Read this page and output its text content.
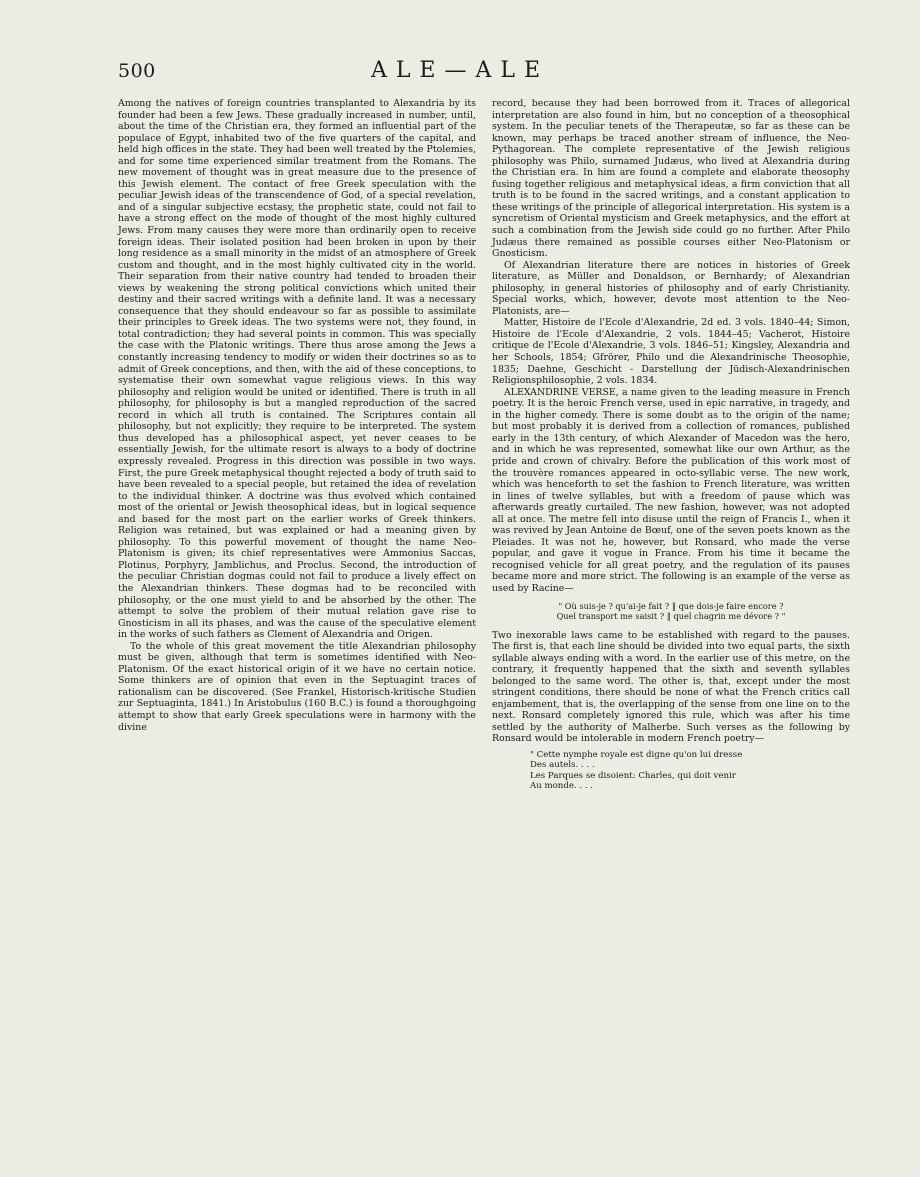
500	ALE—ALE

Among the natives of foreign countries transplanted to Alexandria by its founder had been a few Jews. These gradually increased in number, until, about the time of the Christian era, they formed an influential part of the populace of Egypt, inhabited two of the five quarters of the capital, and held high offices in the state. They had been well treated by the Ptolemies, and for some time experienced similar treatment from the Romans. The new movement of thought was in great measure due to the presence of this Jewish element. The contact of free Greek speculation with the peculiar Jewish ideas of the transcendence of God, of a special revelation, and of a singular subjective ecstasy, the prophetic state, could not fail to have a strong effect on the mode of thought of the most highly cultured Jews. From many causes they were more than ordinarily open to receive foreign ideas. Their isolated position had been broken in upon by their long residence as a small minority in the midst of an atmosphere of Greek custom and thought, and in the most highly cultivated city in the world. Their separation from their native country had tended to broaden their views by weakening the strong political convictions which united their destiny and their sacred writings with a definite land. It was a necessary consequence that they should endeavour so far as possible to assimilate their principles to Greek ideas. The two systems were not, they found, in total contradiction; they had several points in common. This was specially the case with the Platonic writings. There thus arose among the Jews a constantly increasing tendency to modify or widen their doctrines so as to admit of Greek conceptions, and then, with the aid of these conceptions, to systematise their own somewhat vague religious views. In this way philosophy and religion would be united or identified. There is truth in all philosophy, for philosophy is but a mangled reproduction of the sacred record in which all truth is contained. The Scriptures contain all philosophy, but not explicitly; they require to be interpreted. The system thus developed has a philosophical aspect, yet never ceases to be essentially Jewish, for the ultimate resort is always to a body of doctrine expressly revealed. Progress in this direction was possible in two ways. First, the pure Greek metaphysical thought rejected a body of truth said to have been revealed to a special people, but retained the idea of revelation to the individual thinker. A doctrine was thus evolved which contained most of the oriental or Jewish theosophical ideas, but in logical sequence and based for the most part on the earlier works of Greek thinkers. Religion was retained, but was explained or had a meaning given by philosophy. To this powerful movement of thought the name Neo-Platonism is given; its chief representatives were Ammonius Saccas, Plotinus, Porphyry, Jamblichus, and Proclus. Second, the introduction of the peculiar Christian dogmas could not fail to produce a lively effect on the Alexandrian thinkers. These dogmas had to be reconciled with philosophy, or the one must yield to and be absorbed by the other. The attempt to solve the problem of their mutual relation gave rise to Gnosticism in all its phases, and was the cause of the speculative element in the works of such fathers as Clement of Alexandria and Origen.

To the whole of this great movement the title Alexandrian philosophy must be given, although that term is sometimes identified with Neo-Platonism. Of the exact historical origin of it we have no certain notice. Some thinkers are of opinion that even in the Septuagint traces of rationalism can be discovered. (See Frankel, Historisch-kritische Studien zur Septuaginta, 1841.) In Aristobulus (160 B.C.) is found a thoroughgoing attempt to show that early Greek speculations were in harmony with the divine

record, because they had been borrowed from it. Traces of allegorical interpretation are also found in him, but no conception of a theosophical system. In the peculiar tenets of the Therapeutæ, so far as these can be known, may perhaps be traced another stream of influence, the Neo-Pythagorean. The complete representative of the Jewish religious philosophy was Philo, surnamed Judæus, who lived at Alexandria during the Christian era. In him are found a complete and elaborate theosophy fusing together religious and metaphysical ideas, a firm conviction that all truth is to be found in the sacred writings, and a constant application to these writings of the principle of allegorical interpretation. His system is a syncretism of Oriental mysticism and Greek metaphysics, and the effort at such a combination from the Jewish side could go no further. After Philo Judæus there remained as possible courses either Neo-Platonism or Gnosticism.

Of Alexandrian literature there are notices in histories of Greek literature, as Müller and Donaldson, or Bernhardy; of Alexandrian philosophy, in general histories of philosophy and of early Christianity. Special works, which, however, devote most attention to the Neo-Platonists, are—

Matter, Histoire de l'Ecole d'Alexandrie, 2d ed. 3 vols. 1840–44; Simon, Histoire de l'Ecole d'Alexandrie, 2 vols. 1844–45; Vacherot, Histoire critique de l'Ecole d'Alexandrie, 3 vols. 1846–51; Kingsley, Alexandria and her Schools, 1854; Gfrörer, Philo und die Alexandrinische Theosophie, 1835; Daehne, Geschicht - Darstellung der Jüdisch-Alexandrinischen Religionsphilosophie, 2 vols. 1834.

ALEXANDRINE VERSE, a name given to the leading measure in French poetry. It is the heroic French verse, used in epic narrative, in tragedy, and in the higher comedy. There is some doubt as to the origin of the name; but most probably it is derived from a collection of romances, published early in the 13th century, of which Alexander of Macedon was the hero, and in which he was represented, somewhat like our own Arthur, as the pride and crown of chivalry. Before the publication of this work most of the trouvère romances appeared in octo-syllabic verse. The new work, which was henceforth to set the fashion to French literature, was written in lines of twelve syllables, but with a freedom of pause which was afterwards greatly curtailed. The new fashion, however, was not adopted all at once. The metre fell into disuse until the reign of Francis I., when it was revived by Jean Antoine de Bœuf, one of the seven poets known as the Pleiades. It was not he, however, but Ronsard, who made the verse popular, and gave it vogue in France. From his time it became the recognised vehicle for all great poetry, and the regulation of its pauses became more and more strict. The following is an example of the verse as used by Racine—

" Où suis-je ? qu'ai-je fait ? ‖ que dois-je faire encore ?
Quel transport me saisit ? ‖ quel chagrin me dévore ? "

Two inexorable laws came to be established with regard to the pauses. The first is, that each line should be divided into two equal parts, the sixth syllable always ending with a word. In the earlier use of this metre, on the contrary, it frequently happened that the sixth and seventh syllables belonged to the same word. The other is, that, except under the most stringent conditions, there should be none of what the French critics call enjambement, that is, the overlapping of the sense from one line on to the next. Ronsard completely ignored this rule, which was after his time settled by the authority of Malherbe. Such verses as the following by Ronsard would be intolerable in modern French poetry—

" Cette nymphe royale est digne qu'on lui dresse
Des autels. . . .
Les Parques se disoient: Charles, qui doit venir
Au monde. . . .
